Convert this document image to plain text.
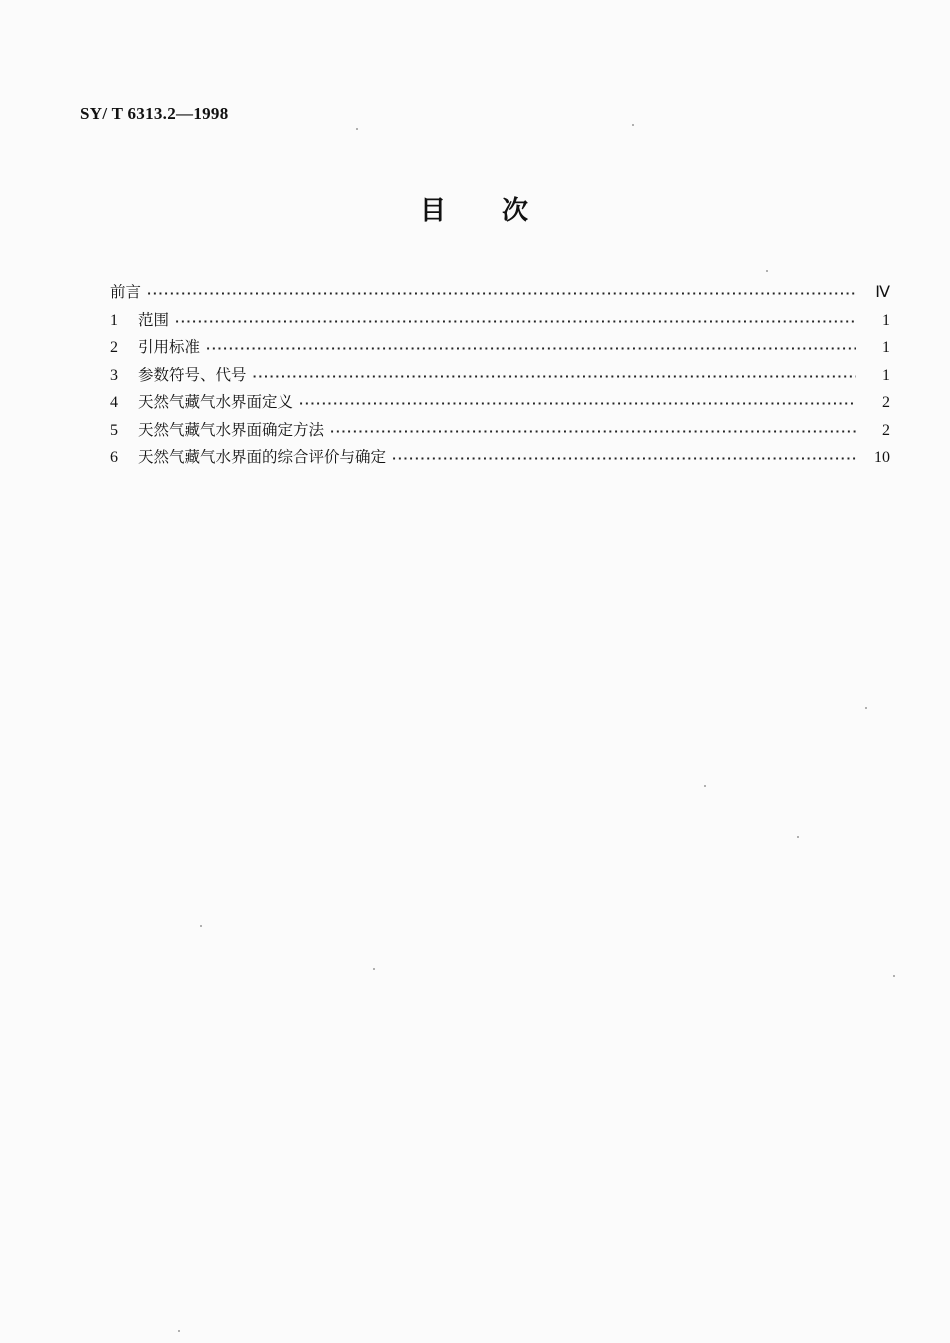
SY/ T 6313.2—1998
目 次
前言 ·····	Ⅳ
1	范围 ·····	1
2	引用标准 ·····	1
3	参数符号、代号 ·····	1
4	天然气藏气水界面定义 ·····	2
5	天然气藏气水界面确定方法 ·····	2
6	天然气藏气水界面的综合评价与确定 ·····	10
